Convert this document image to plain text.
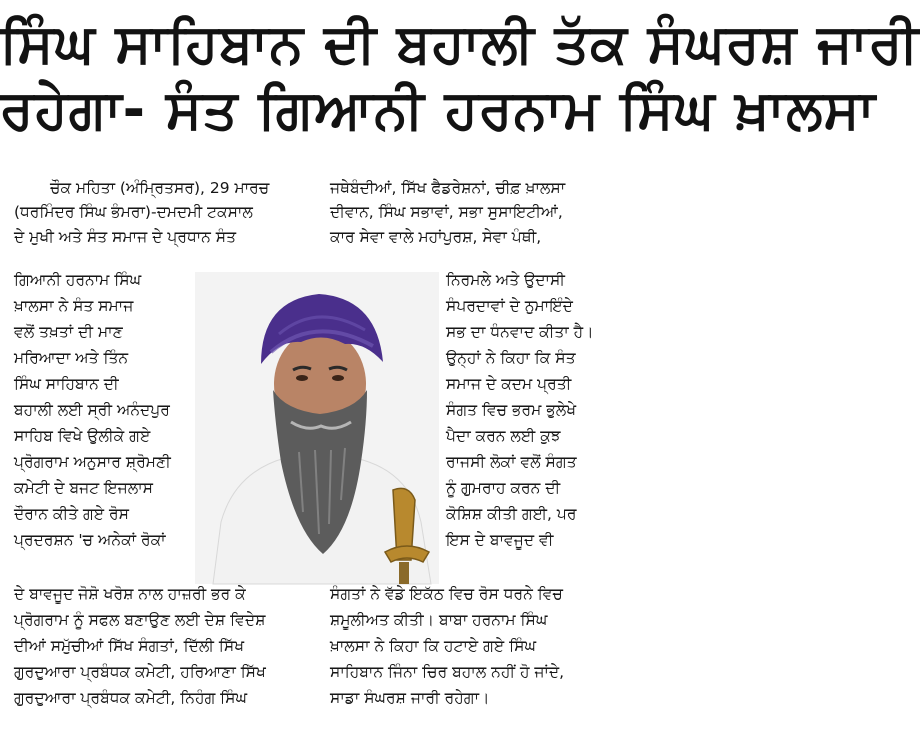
ਸਿੰਘ ਸਾਹਿਬਾਨ ਦੀ ਬਹਾਲੀ ਤੱਕ ਸੰਘਰਸ਼ ਜਾਰੀ
ਰਹੇਗਾ- ਸੰਤ ਗਿਆਨੀ ਹਰਨਾਮ ਸਿੰਘ ਖ਼ਾਲਸਾ
ਚੌਕ ਮਹਿਤਾ (ਅੰਮ੍ਰਿਤਸਰ), 29 ਮਾਰਚ
(ਧਰਮਿੰਦਰ ਸਿੰਘ ਭੰਮਰਾ)-ਦਮਦਮੀ ਟਕਸਾਲ
ਦੇ ਮੁਖੀ ਅਤੇ ਸੰਤ ਸਮਾਜ ਦੇ ਪ੍ਰਧਾਨ ਸੰਤ
ਗਿਆਨੀ ਹਰਨਾਮ ਸਿੰਘ
ਖ਼ਾਲਸਾ ਨੇ ਸੰਤ ਸਮਾਜ
ਵਲੋਂ ਤਖ਼ਤਾਂ ਦੀ ਮਾਣ
ਮਰਿਆਦਾ ਅਤੇ ਤਿੰਨ
ਸਿੰਘ ਸਾਹਿਬਾਨ ਦੀ
ਬਹਾਲੀ ਲਈ ਸ੍ਰੀ ਅਨੰਦਪੁਰ
ਸਾਹਿਬ ਵਿਖੇ ਉਲੀਕੇ ਗਏ
ਪ੍ਰੋਗਰਾਮ ਅਨੁਸਾਰ ਸ਼੍ਰੋਮਣੀ
ਕਮੇਟੀ ਦੇ ਬਜਟ ਇਜਲਾਸ
ਦੌਰਾਨ ਕੀਤੇ ਗਏ ਰੋਸ
ਪ੍ਰਦਰਸ਼ਨ 'ਚ ਅਨੇਕਾਂ ਰੋਕਾਂ
ਦੇ ਬਾਵਜੂਦ ਜੋਸ਼ੋ ਖਰੋਸ਼ ਨਾਲ ਹਾਜ਼ਰੀ ਭਰ ਕੇ
ਪ੍ਰੋਗਰਾਮ ਨੂੰ ਸਫਲ ਬਣਾਉਣ ਲਈ ਦੇਸ਼ ਵਿਦੇਸ਼
ਦੀਆਂ ਸਮੁੱਚੀਆਂ ਸਿੱਖ ਸੰਗਤਾਂ, ਦਿੱਲੀ ਸਿੱਖ
ਗੁਰਦੁਆਰਾ ਪ੍ਰਬੰਧਕ ਕਮੇਟੀ, ਹਰਿਆਣਾ ਸਿੱਖ
ਗੁਰਦੁਆਰਾ ਪ੍ਰਬੰਧਕ ਕਮੇਟੀ, ਨਿਹੰਗ ਸਿੰਘ
ਜਥੇਬੰਦੀਆਂ, ਸਿੱਖ ਫੈਡਰੇਸ਼ਨਾਂ, ਚੀਫ਼ ਖ਼ਾਲਸਾ
ਦੀਵਾਨ, ਸਿੰਘ ਸਭਾਵਾਂ, ਸਭਾ ਸੁਸਾਇਟੀਆਂ,
ਕਾਰ ਸੇਵਾ ਵਾਲੇ ਮਹਾਂਪੁਰਸ਼, ਸੇਵਾ ਪੰਥੀ,
ਨਿਰਮਲੇ ਅਤੇ ਉਦਾਸੀ
ਸੰਪਰਦਾਵਾਂ ਦੇ ਨੁਮਾਇੰਦੇ
ਸਭ ਦਾ ਧੰਨਵਾਦ ਕੀਤਾ ਹੈ।
ਉਨ੍ਹਾਂ ਨੇ ਕਿਹਾ ਕਿ ਸੰਤ
ਸਮਾਜ ਦੇ ਕਦਮ ਪ੍ਰਤੀ
ਸੰਗਤ ਵਿਚ ਭਰਮ ਭੁਲੇਖੇ
ਪੈਦਾ ਕਰਨ ਲਈ ਕੁਝ
ਰਾਜਸੀ ਲੋਕਾਂ ਵਲੋਂ ਸੰਗਤ
ਨੂੰ ਗੁਮਰਾਹ ਕਰਨ ਦੀ
ਕੋਸ਼ਿਸ਼ ਕੀਤੀ ਗਈ, ਪਰ
ਇਸ ਦੇ ਬਾਵਜੂਦ ਵੀ
ਸੰਗਤਾਂ ਨੇ ਵੱਡੇ ਇਕੱਠ ਵਿਚ ਰੋਸ ਧਰਨੇ ਵਿਚ
ਸ਼ਮੂਲੀਅਤ ਕੀਤੀ। ਬਾਬਾ ਹਰਨਾਮ ਸਿੰਘ
ਖ਼ਾਲਸਾ ਨੇ ਕਿਹਾ ਕਿ ਹਟਾਏ ਗਏ ਸਿੰਘ
ਸਾਹਿਬਾਨ ਜਿੰਨਾ ਚਿਰ ਬਹਾਲ ਨਹੀਂ ਹੋ ਜਾਂਦੇ,
ਸਾਡਾ ਸੰਘਰਸ਼ ਜਾਰੀ ਰਹੇਗਾ।
